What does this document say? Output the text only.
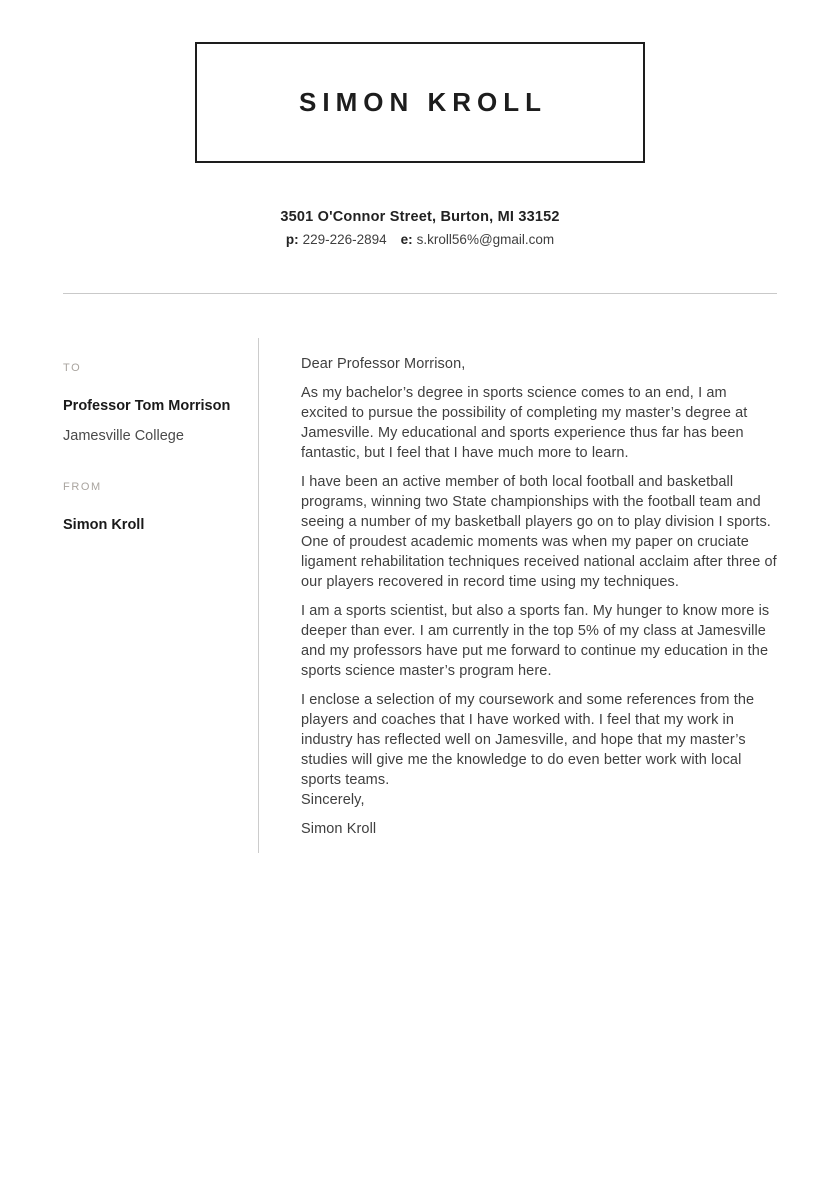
SIMON KROLL
3501 O'Connor Street, Burton, MI 33152
p: 229-226-2894 e: s.kroll56%@gmail.com
TO
Professor Tom Morrison
Jamesville College
FROM
Simon Kroll

Dear Professor Morrison,

As my bachelor’s degree in sports science comes to an end, I am excited to pursue the possibility of completing my master’s degree at Jamesville. My educational and sports experience thus far has been fantastic, but I feel that I have much more to learn.

I have been an active member of both local football and basketball programs, winning two State championships with the football team and seeing a number of my basketball players go on to play division I sports. One of proudest academic moments was when my paper on cruciate ligament rehabilitation techniques received national acclaim after three of our players recovered in record time using my techniques.

I am a sports scientist, but also a sports fan. My hunger to know more is deeper than ever. I am currently in the top 5% of my class at Jamesville and my professors have put me forward to continue my education in the sports science master’s program here.

I enclose a selection of my coursework and some references from the players and coaches that I have worked with. I feel that my work in industry has reflected well on Jamesville, and hope that my master’s studies will give me the knowledge to do even better work with local sports teams.

Sincerely,

Simon Kroll
